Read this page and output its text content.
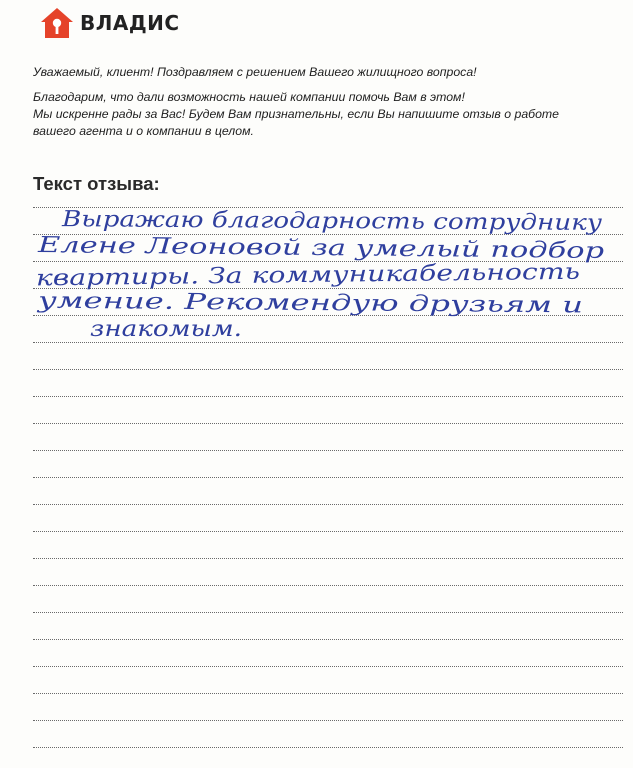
ВЛАДИС

Уважаемый, клиент! Поздравляем с решением Вашего жилищного вопроса!

Благодарим, что дали возможность нашей компании помочь Вам в этом!

Мы искренне рады за Вас! Будем Вам признательны, если Вы напишите отзыв о работе

вашего агента и о компании в целом.

Текст отзыва:
Выражаю благодарность сотруднику
Елене Леоновой за умелый подбор
квартиры. За коммуникабельность
умение. Рекомендую друзьям и
знакомым.
